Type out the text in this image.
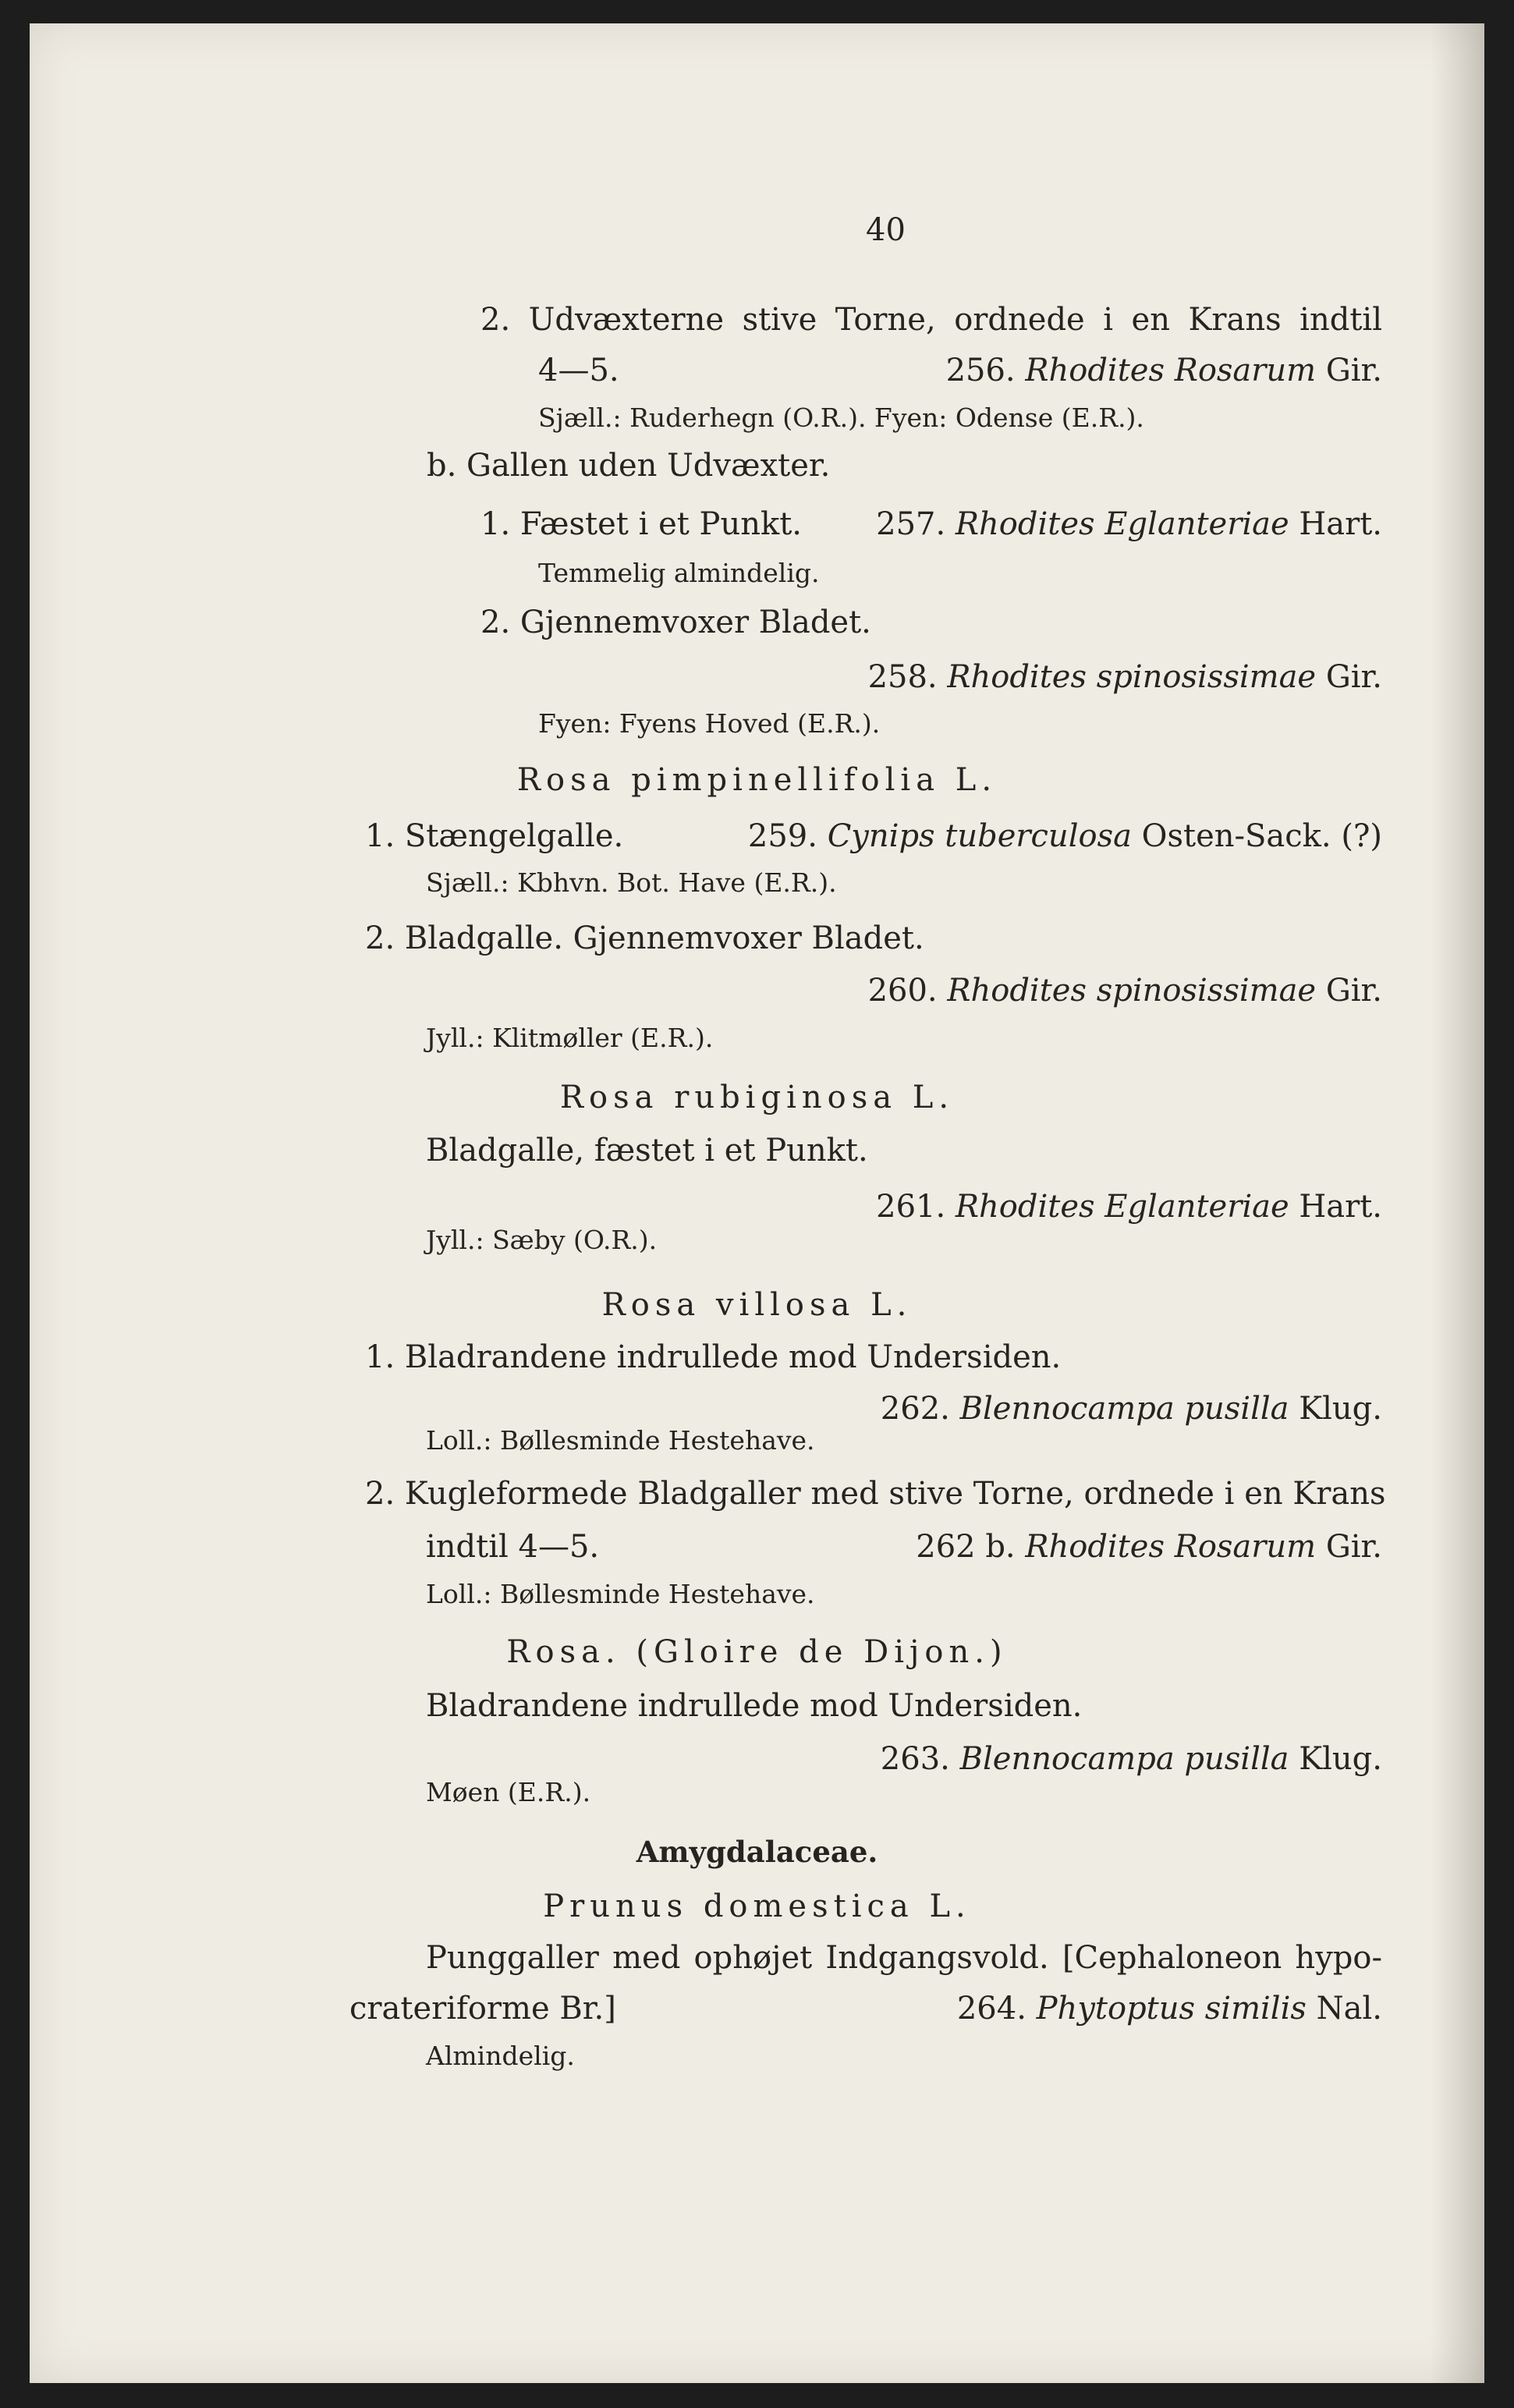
40
2. Udvæxterne stive Torne, ordnede i en Krans indtil
4—5.	256. Rhodites Rosarum Gir.
Sjæll.: Ruderhegn (O.R.). Fyen: Odense (E.R.).
b. Gallen uden Udvæxter.
1. Fæstet i et Punkt. 257. Rhodites Eglanteriae Hart.
Temmelig almindelig.
2. Gjennemvoxer Bladet.
258. Rhodites spinosissimae Gir.
Fyen: Fyens Hoved (E.R.).
Rosa pimpinellifolia L.
1. Stængelgalle.	259. Cynips tuberculosa Osten-Sack. (?)
Sjæll.: Kbhvn. Bot. Have (E.R.).
2. Bladgalle. Gjennemvoxer Bladet.
260. Rhodites spinosissimae Gir.
Jyll.: Klitmøller (E.R.).
Rosa rubiginosa L.
Bladgalle, fæstet i et Punkt.
261. Rhodites Eglanteriae Hart.
Jyll.: Sæby (O.R.).
Rosa villosa L.
1. Bladrandene indrullede mod Undersiden.
262. Blennocampa pusilla Klug.
Loll.: Bøllesminde Hestehave.
2. Kugleformede Bladgaller med stive Torne, ordnede i en Krans
indtil 4—5.	262 b. Rhodites Rosarum Gir.
Loll.: Bøllesminde Hestehave.
Rosa. (Gloire de Dijon.)
Bladrandene indrullede mod Undersiden.
263. Blennocampa pusilla Klug.
Møen (E.R.).
Amygdalaceae.
Prunus domestica L.
Punggaller med ophøjet Indgangsvold. [Cephaloneon hypo-
crateriforme Br.]	264. Phytoptus similis Nal.
Almindelig.
